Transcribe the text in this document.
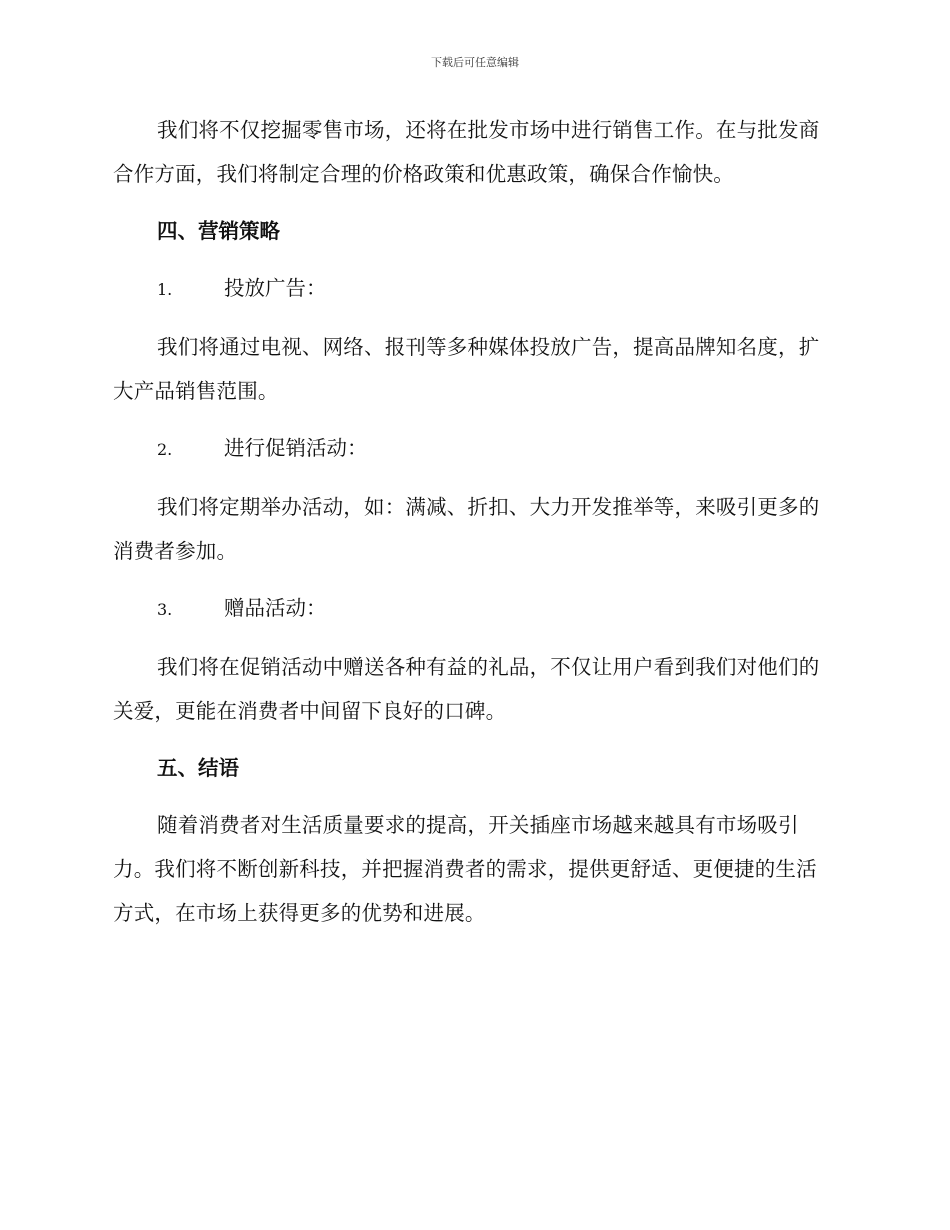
下载后可任意编辑

我们将不仅挖掘零售市场，还将在批发市场中进行销售工作。在与批发商合作方面，我们将制定合理的价格政策和优惠政策，确保合作愉快。

四、营销策略
1.	投放广告：

我们将通过电视、网络、报刊等多种媒体投放广告，提高品牌知名度，扩大产品销售范围。

2.	进行促销活动：

我们将定期举办活动，如：满减、折扣、大力开发推举等，来吸引更多的消费者参加。

3.	赠品活动：

我们将在促销活动中赠送各种有益的礼品，不仅让用户看到我们对他们的关爱，更能在消费者中间留下良好的口碑。

五、结语

随着消费者对生活质量要求的提高，开关插座市场越来越具有市场吸引力。我们将不断创新科技，并把握消费者的需求，提供更舒适、更便捷的生活方式，在市场上获得更多的优势和进展。
